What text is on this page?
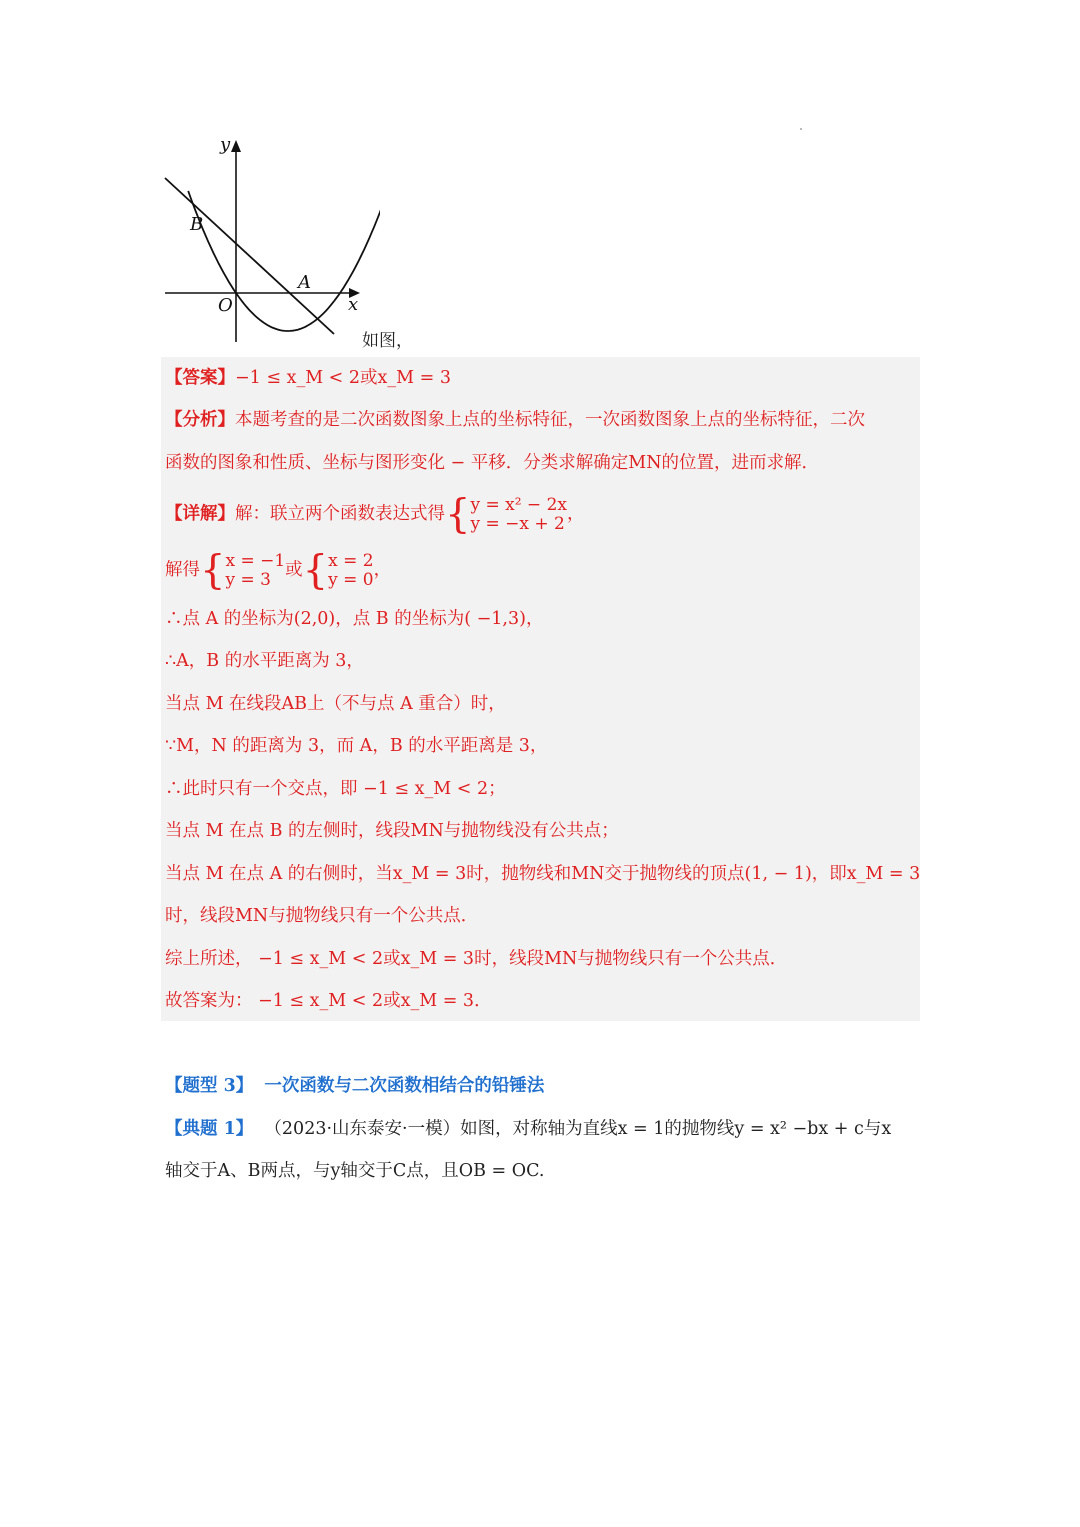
y
x
O
A
B
如图，
【答案】−1 ≤ x_M < 2或x_M = 3
【分析】本题考查的是二次函数图象上点的坐标特征，一次函数图象上点的坐标特征，二次
函数的图象和性质、坐标与图形变化 − 平移．分类求解确定MN的位置，进而求解．
【详解】解：联立两个函数表达式得{ y = x² − 2x
y = −x + 2 ，
解得{ x = −1
y = 3 或{ x = 2
y = 0 ，
∴点 A 的坐标为(2,0)，点 B 的坐标为( −1,3)，
∴A，B 的水平距离为 3，
当点 M 在线段AB上（不与点 A 重合）时，
∵M，N 的距离为 3，而 A，B 的水平距离是 3，
∴此时只有一个交点，即 −1 ≤ x_M < 2；
当点 M 在点 B 的左侧时，线段MN与抛物线没有公共点；
当点 M 在点 A 的右侧时，当x_M = 3时，抛物线和MN交于抛物线的顶点(1, − 1)，即x_M = 3
时，线段MN与抛物线只有一个公共点．
综上所述， −1 ≤ x_M < 2或x_M = 3时，线段MN与抛物线只有一个公共点．
故答案为： −1 ≤ x_M < 2或x_M = 3．
【题型 3】 一次函数与二次函数相结合的铅锤法
【典题 1】 （2023·山东泰安·一模）如图，对称轴为直线x = 1的抛物线y = x² −bx + c与x
轴交于A、B两点，与y轴交于C点，且OB = OC.
